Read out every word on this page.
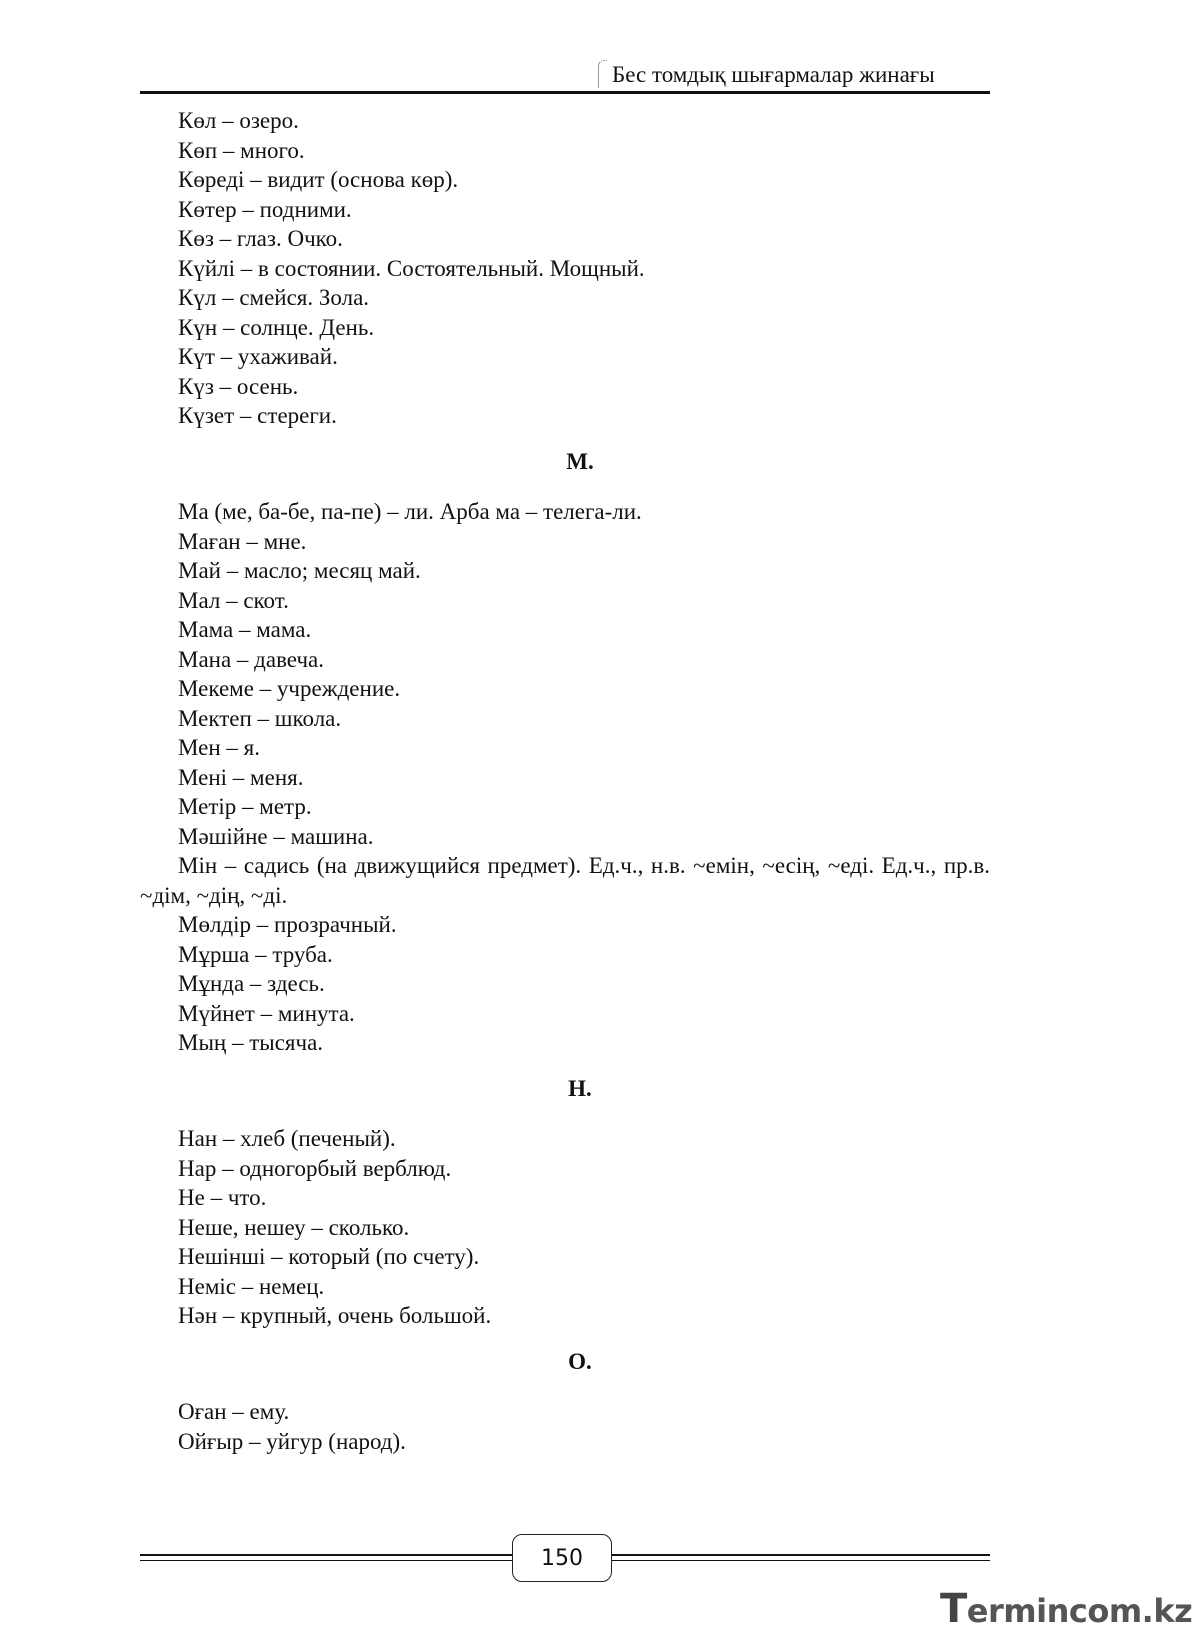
Бес томдық шығармалар жинағы
Көл – озеро.
Көп – много.
Көреді – видит (основа көр).
Көтер – подними.
Көз – глаз. Очко.
Күйлі – в состоянии. Состоятельный. Мощный.
Күл – смейся. Зола.
Күн – солнце. День.
Күт – ухаживай.
Күз – осень.
Күзет – стереги.
М.
Ма (ме, ба-бе, па-пе) – ли. Арба ма – телега-ли.
Маған – мне.
Май – масло; месяц май.
Мал – скот.
Мама – мама.
Мана – давеча.
Мекеме – учреждение.
Мектеп – школа.
Мен – я.
Мені – меня.
Метір – метр.
Мәшійне – машина.
Мін – садись (на движущийся предмет). Ед.ч., н.в. ~емін, ~есің, ~еді. Ед.ч., пр.в. ~дім, ~дің, ~ді.
Мөлдір – прозрачный.
Мұрша – труба.
Мұнда – здесь.
Мүйнет – минута.
Мың – тысяча.
Н.
Нан – хлеб (печеный).
Нар – одногорбый верблюд.
Не – что.
Неше, нешеу – сколько.
Нешінші – который (по счету).
Неміс – немец.
Нән – крупный, очень большой.
О.
Оған – ему.
Ойғыр – уйгур (народ).
150
Termincom.kz
